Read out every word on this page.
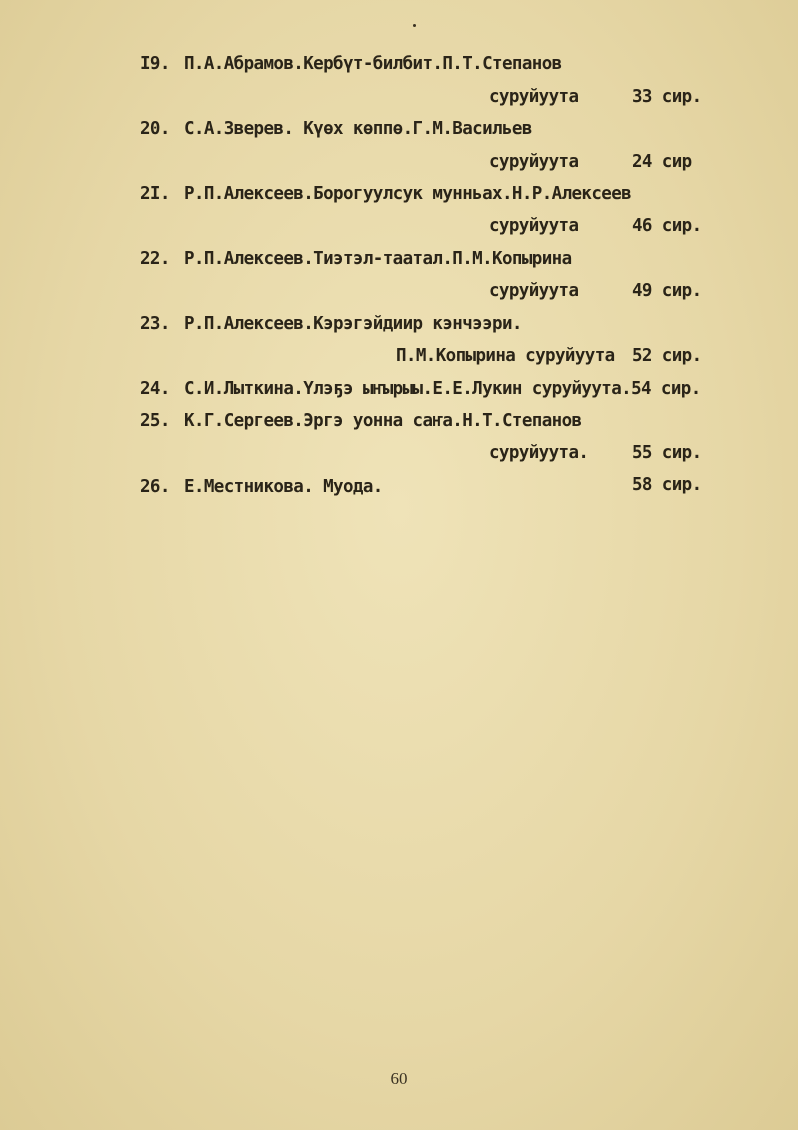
I9. П.А.Абрамов.Кербүт-билбит.П.Т.Степанов
суруйуута	33 сир.
20. С.А.Зверев. Күөх көппө.Г.М.Васильев
суруйуута	24 сир
2I. Р.П.Алексеев.Борогуулсук мунньах.Н.Р.Алексеев
суруйуута	46 сир.
22. Р.П.Алексеев.Тиэтэл-таатал.П.М.Копырина
суруйуута	49 сир.
23. Р.П.Алексеев.Кэрэгэйдиир кэнчээри.
П.М.Копырина суруйуута 52 сир.
24. С.И.Лыткина.Үлэҕэ ыҥырыы.Е.Е.Лукин суруйуута.54 сир.
25. К.Г.Сергеев.Эргэ уонна саҥа.Н.Т.Степанов
суруйуута. 55 сир.
26. Е.Местникова. Муода.	58 сир.
60
